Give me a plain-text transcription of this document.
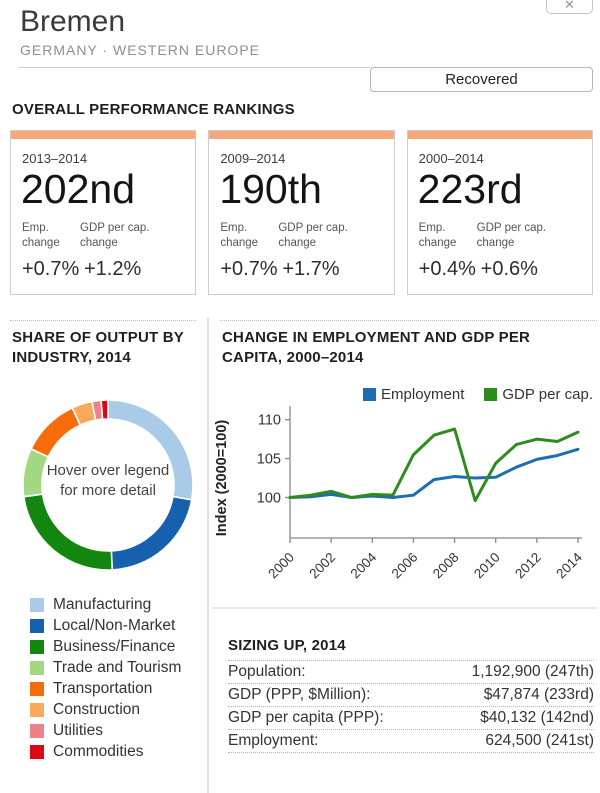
Bremen
GERMANY · WESTERN EUROPE
✕
Recovered
OVERALL PERFORMANCE RANKINGS
2013–2014
202nd
Emp. change
GDP per cap. change
+0.7% +1.2%
2009–2014
190th
Emp. change
GDP per cap. change
+0.7% +1.7%
2000–2014
223rd
Emp. change
GDP per cap. change
+0.4% +0.6%
SHARE OF OUTPUT BY INDUSTRY, 2014
Hover over legend
for more detail
Manufacturing
Local/Non-Market
Business/Finance
Trade and Tourism
Transportation
Construction
Utilities
Commodities
CHANGE IN EMPLOYMENT AND GDP PER CAPITA, 2000–2014
Employment	GDP per cap.
100
105
110
Index (2000=100)
2000 2002 2004 2006 2008 2010 2012 2014
SIZING UP, 2014
Population:	1,192,900 (247th)
GDP (PPP, $Million):	$47,874 (233rd)
GDP per capita (PPP):	$40,132 (142nd)
Employment:	624,500 (241st)
